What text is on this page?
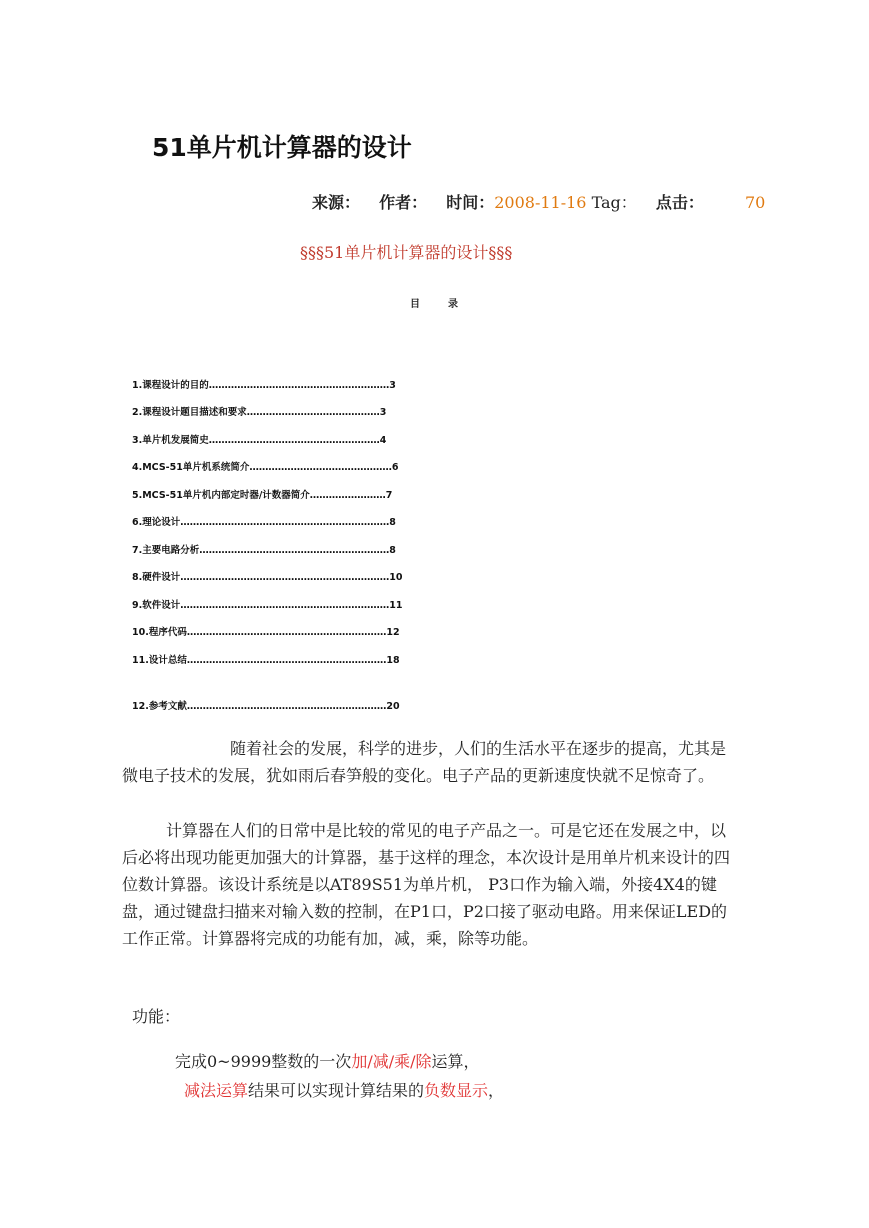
51单片机计算器的设计
来源： 作者： 时间：2008-11-16 Tag： 点击：	70
§§§51单片机计算器的设计§§§
目	录
1.课程设计的目的…………………………………………………3
2.课程设计题目描述和要求……………………………………3
3.单片机发展简史………………………………………………4
4.MCS-51单片机系统简介………………………………………6
5.MCS-51单片机内部定时器/计数器简介……………………7
6.理论设计…………………………………………………………8
7.主要电路分析……………………………………………………8
8.硬件设计…………………………………………………………10
9.软件设计…………………………………………………………11
10.程序代码………………………………………………………12
11.设计总结………………………………………………………18
12.参考文献………………………………………………………20

随着社会的发展，科学的进步，人们的生活水平在逐步的提高，尤其是微电子技术的发展，犹如雨后春笋般的变化。电子产品的更新速度快就不足惊奇了。

计算器在人们的日常中是比较的常见的电子产品之一。可是它还在发展之中，以后必将出现功能更加强大的计算器，基于这样的理念，本次设计是用单片机来设计的四位数计算器。该设计系统是以AT89S51为单片机， P3口作为输入端，外接4X4的键盘，通过键盘扫描来对输入数的控制，在P1口，P2口接了驱动电路。用来保证LED的工作正常。计算器将完成的功能有加，减，乘，除等功能。

功能：
完成0~9999整数的一次加/减/乘/除运算，
减法运算结果可以实现计算结果的负数显示，
